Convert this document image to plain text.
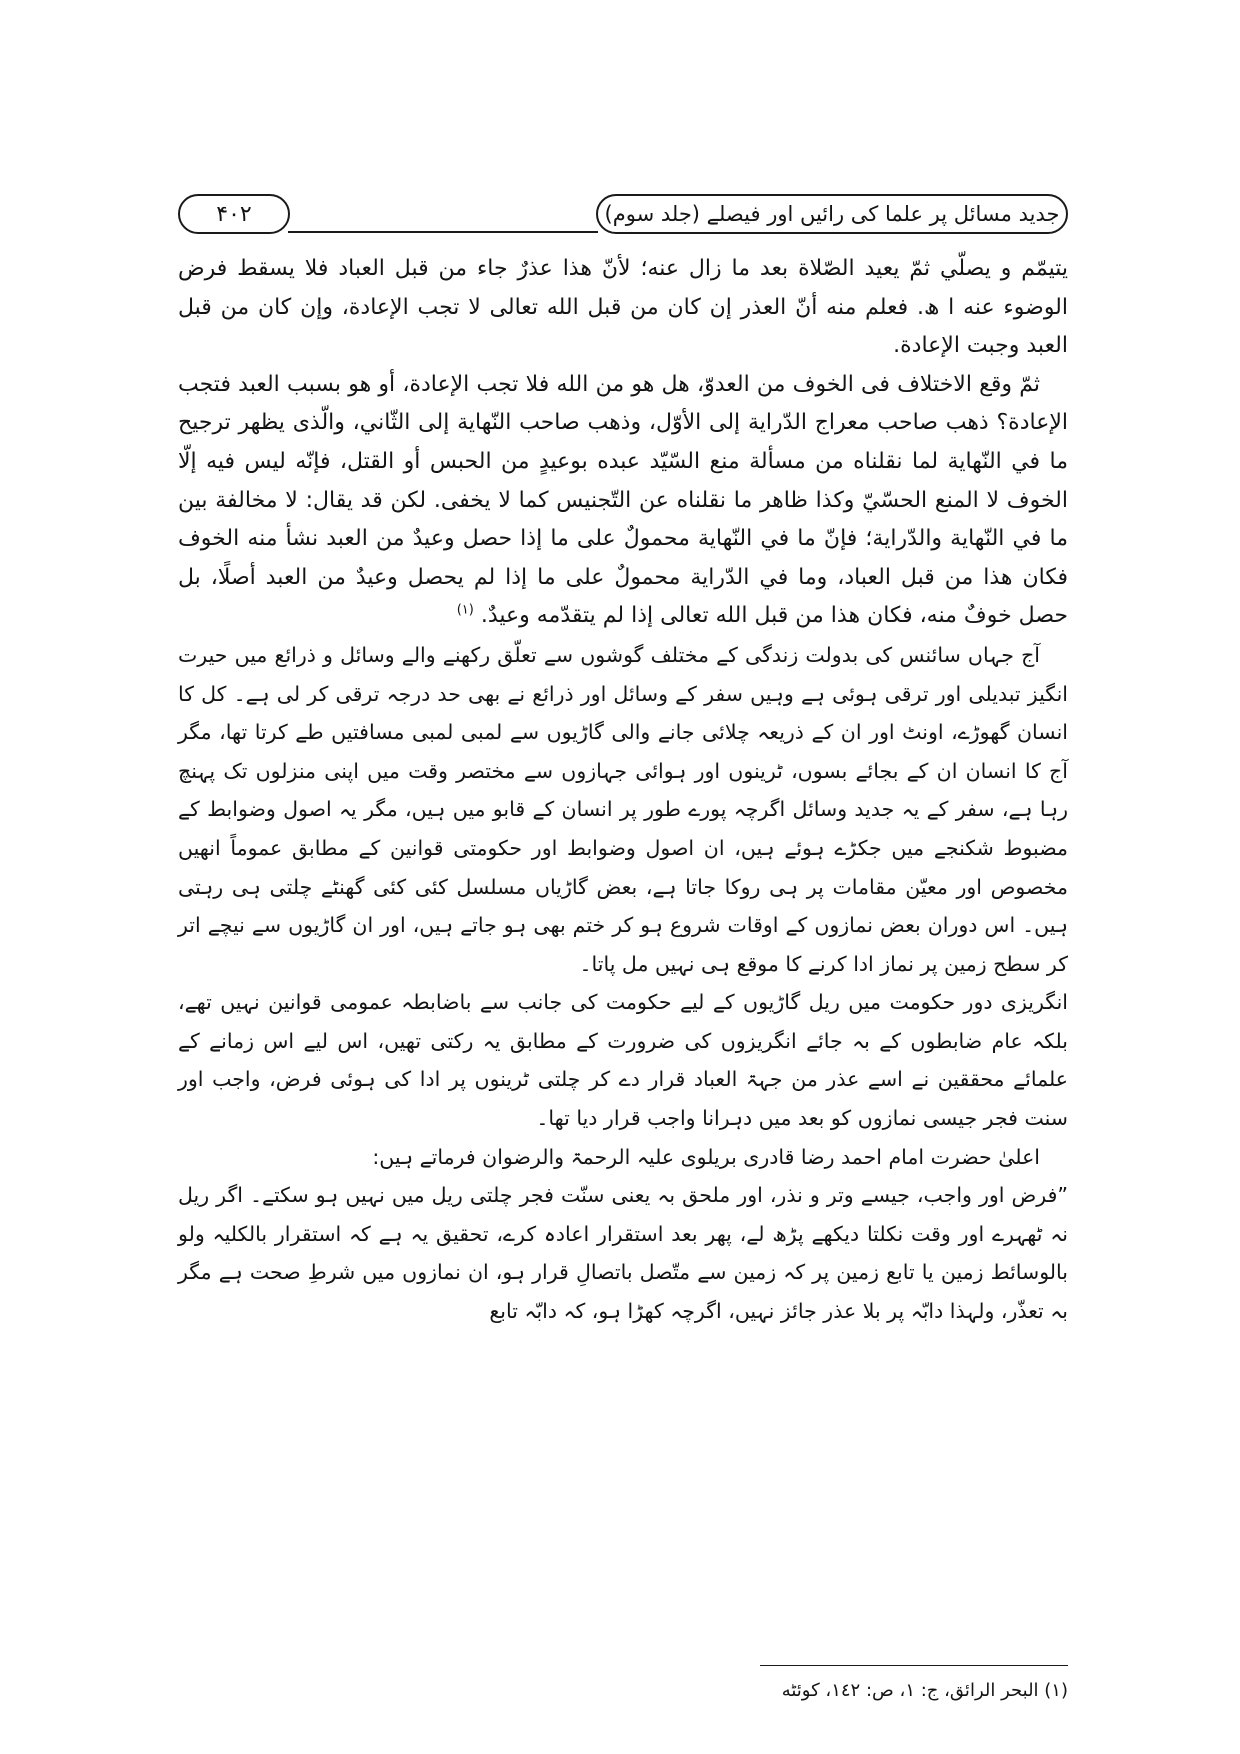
۴۰۲	جدید مسائل پر علما کی رائیں اور فیصلے (جلد سوم)

يتيمّم و يصلّي ثمّ يعيد الصّلاة بعد ما زال عنه؛ لأنّ هذا عذرٌ جاء من قبل العباد فلا يسقط فرض الوضوء عنه ا ھ. فعلم منه أنّ العذر إن كان من قبل الله تعالى لا تجب الإعادة، وإن كان من قبل العبد وجبت الإعادة.

ثمّ وقع الاختلاف فى الخوف من العدوّ، هل هو من الله فلا تجب الإعادة، أو هو بسبب العبد فتجب الإعادة؟ ذهب صاحب معراج الدّراية إلى الأوّل، وذهب صاحب النّهاية إلى الثّاني، والّذى يظهر ترجيح ما في النّهاية لما نقلناه من مسألة منع السّيّد عبده بوعيدٍ من الحبس أو القتل، فإنّه ليس فيه إلّا الخوف لا المنع الحسّيّ وكذا ظاهر ما نقلناه عن التّجنيس كما لا يخفى. لكن قد يقال: لا مخالفة بين ما في النّهاية والدّراية؛ فإنّ ما في النّهاية محمولٌ على ما إذا حصل وعيدٌ من العبد نشأ منه الخوف فكان هذا من قبل العباد، وما في الدّراية محمولٌ على ما إذا لم يحصل وعيدٌ من العبد أصلًا، بل حصل خوفٌ منه، فكان هذا من قبل الله تعالى إذا لم يتقدّمه وعيدٌ. $^{(۱)}$

آج جہاں سائنس کی بدولت زندگی کے مختلف گوشوں سے تعلّق رکھنے والے وسائل و ذرائع میں حیرت انگیز تبدیلی اور ترقی ہوئی ہے وہیں سفر کے وسائل اور ذرائع نے بھی حد درجہ ترقی کر لی ہے۔ کل کا انسان گھوڑے، اونٹ اور ان کے ذریعہ چلائی جانے والی گاڑیوں سے لمبی لمبی مسافتیں طے کرتا تھا، مگر آج کا انسان ان کے بجائے بسوں، ٹرینوں اور ہوائی جہازوں سے مختصر وقت میں اپنی منزلوں تک پہنچ رہا ہے، سفر کے یہ جدید وسائل اگرچہ پورے طور پر انسان کے قابو میں ہیں، مگر یہ اصول وضوابط کے مضبوط شکنجے میں جکڑے ہوئے ہیں، ان اصول وضوابط اور حکومتی قوانین کے مطابق عموماً انھیں مخصوص اور معیّن مقامات پر ہی روکا جاتا ہے، بعض گاڑیاں مسلسل کئی کئی گھنٹے چلتی ہی رہتی ہیں۔ اس دوران بعض نمازوں کے اوقات شروع ہو کر ختم بھی ہو جاتے ہیں، اور ان گاڑیوں سے نیچے اتر کر سطح زمین پر نماز ادا کرنے کا موقع ہی نہیں مل پاتا۔

انگریزی دور حکومت میں ریل گاڑیوں کے لیے حکومت کی جانب سے باضابطہ عمومی قوانین نہیں تھے، بلکہ عام ضابطوں کے بہ جائے انگریزوں کی ضرورت کے مطابق یہ رکتی تھیں، اس لیے اس زمانے کے علمائے محققین نے اسے عذر من جہۃ العباد قرار دے کر چلتی ٹرینوں پر ادا کی ہوئی فرض، واجب اور سنت فجر جیسی نمازوں کو بعد میں دہرانا واجب قرار دیا تھا۔

اعلیٰ حضرت امام احمد رضا قادری بریلوی علیہ الرحمۃ والرضوان فرماتے ہیں:

”فرض اور واجب، جیسے وتر و نذر، اور ملحق بہ یعنی سنّت فجر چلتی ریل میں نہیں ہو سکتے۔ اگر ریل نہ ٹھہرے اور وقت نکلتا دیکھے پڑھ لے، پھر بعد استقرار اعادہ کرے، تحقیق یہ ہے کہ استقرار بالکلیہ ولو بالوسائط زمین یا تابع زمین پر کہ زمین سے متّصل باتصالِ قرار ہو، ان نمازوں میں شرطِ صحت ہے مگر بہ تعذّر، ولہذا دابّہ پر بلا عذر جائز نہیں، اگرچہ کھڑا ہو، کہ دابّہ تابع

(۱) البحر الرائق، ج: ۱، ص: ۱٤۲، کوئٹه
